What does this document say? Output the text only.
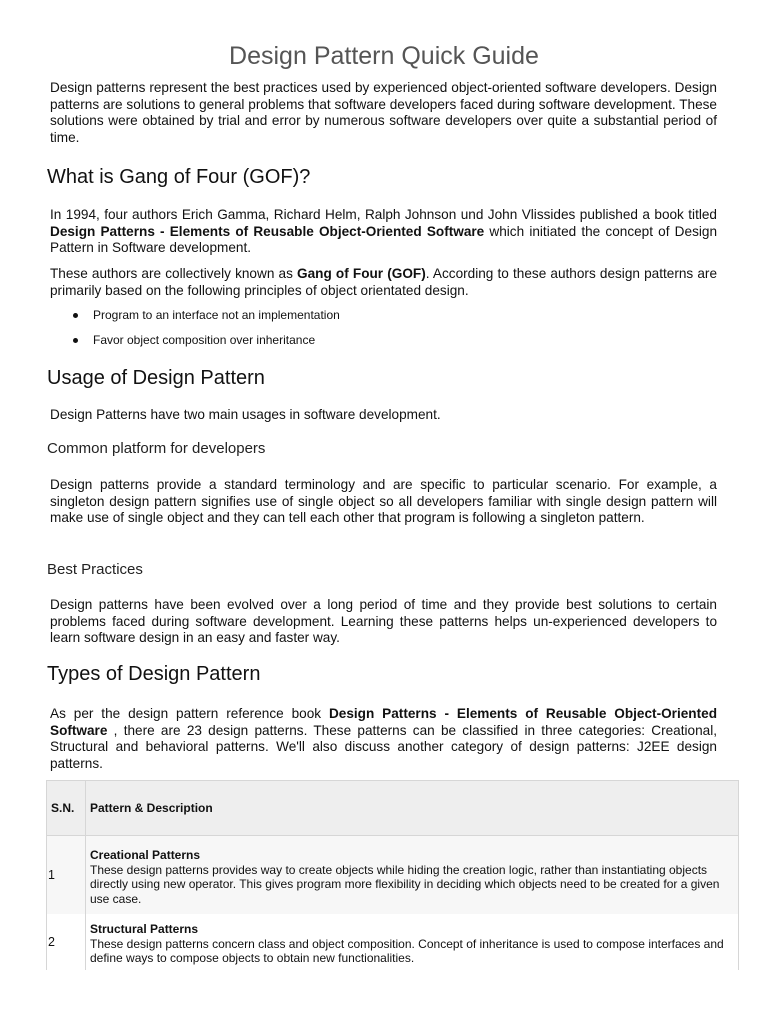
Design Pattern Quick Guide

Design patterns represent the best practices used by experienced object-oriented software developers. Design patterns are solutions to general problems that software developers faced during software development. These solutions were obtained by trial and error by numerous software developers over quite a substantial period of time.

What is Gang of Four (GOF)?

In 1994, four authors Erich Gamma, Richard Helm, Ralph Johnson und John Vlissides published a book titled Design Patterns - Elements of Reusable Object-Oriented Software which initiated the concept of Design Pattern in Software development.

These authors are collectively known as Gang of Four (GOF). According to these authors design patterns are primarily based on the following principles of object orientated design.

Program to an interface not an implementation
Favor object composition over inheritance
Usage of Design Pattern

Design Patterns have two main usages in software development.

Common platform for developers

Design patterns provide a standard terminology and are specific to particular scenario. For example, a singleton design pattern signifies use of single object so all developers familiar with single design pattern will make use of single object and they can tell each other that program is following a singleton pattern.

Best Practices

Design patterns have been evolved over a long period of time and they provide best solutions to certain problems faced during software development. Learning these patterns helps un-experienced developers to learn software design in an easy and faster way.

Types of Design Pattern

As per the design pattern reference book Design Patterns - Elements of Reusable Object-Oriented Software , there are 23 design patterns. These patterns can be classified in three categories: Creational, Structural and behavioral patterns. We'll also discuss another category of design patterns: J2EE design patterns.

S.N.	Pattern & Description
1	Creational Patterns
These design patterns provides way to create objects while hiding the creation logic, rather than instantiating objects directly using new operator. This gives program more flexibility in deciding which objects need to be created for a given use case.
2	Structural Patterns
These design patterns concern class and object composition. Concept of inheritance is used to compose interfaces and define ways to compose objects to obtain new functionalities.
